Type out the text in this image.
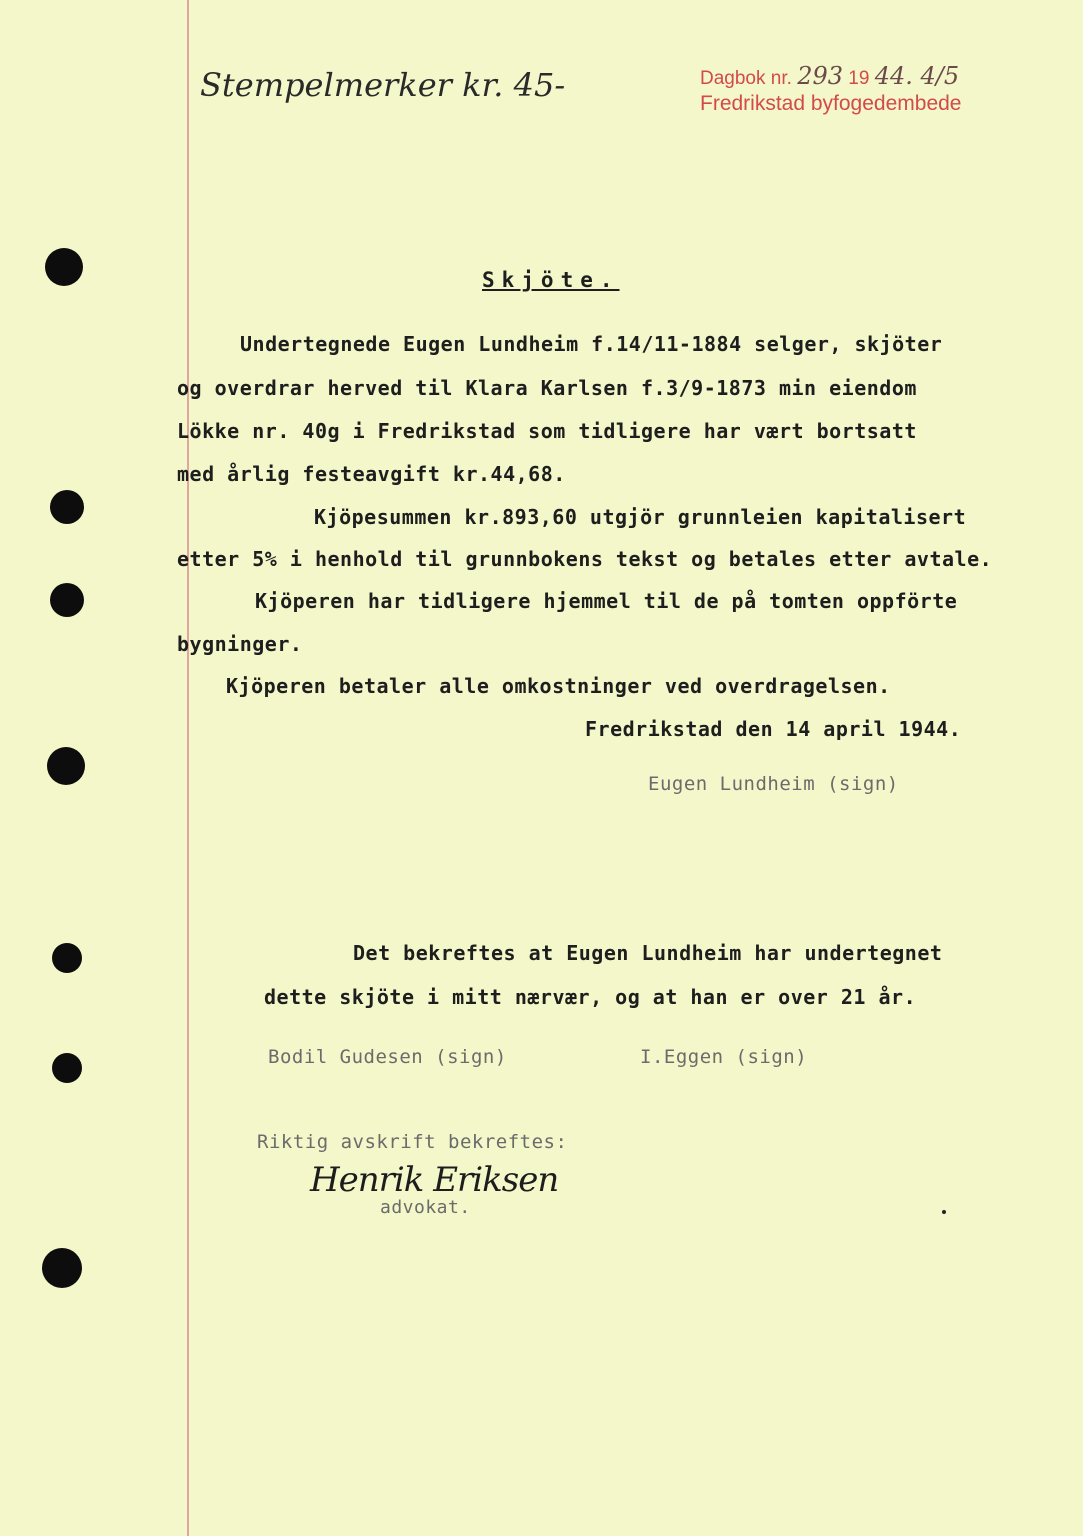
Stempelmerker kr. 45-	Dagbok nr. 293 19 44. 4/5
Fredrikstad byfogedembede
Skjöte.
Undertegnede Eugen Lundheim f.14/11-1884 selger, skjöter
og overdrar herved til Klara Karlsen f.3/9-1873 min eiendom
Lökke nr. 40g i Fredrikstad som tidligere har vært bortsatt
med årlig festeavgift kr.44,68.
Kjöpesummen kr.893,60 utgjör grunnleien kapitalisert
etter 5% i henhold til grunnbokens tekst og betales etter avtale.
Kjöperen har tidligere hjemmel til de på tomten oppförte
bygninger.
Kjöperen betaler alle omkostninger ved overdragelsen.
Fredrikstad den 14 april 1944.
Eugen Lundheim (sign)
Det bekreftes at Eugen Lundheim har undertegnet
dette skjöte i mitt nærvær, og at han er over 21 år.
Bodil Gudesen (sign)	I.Eggen (sign)
Riktig avskrift bekreftes:
Henrik Eriksen
advokat.
